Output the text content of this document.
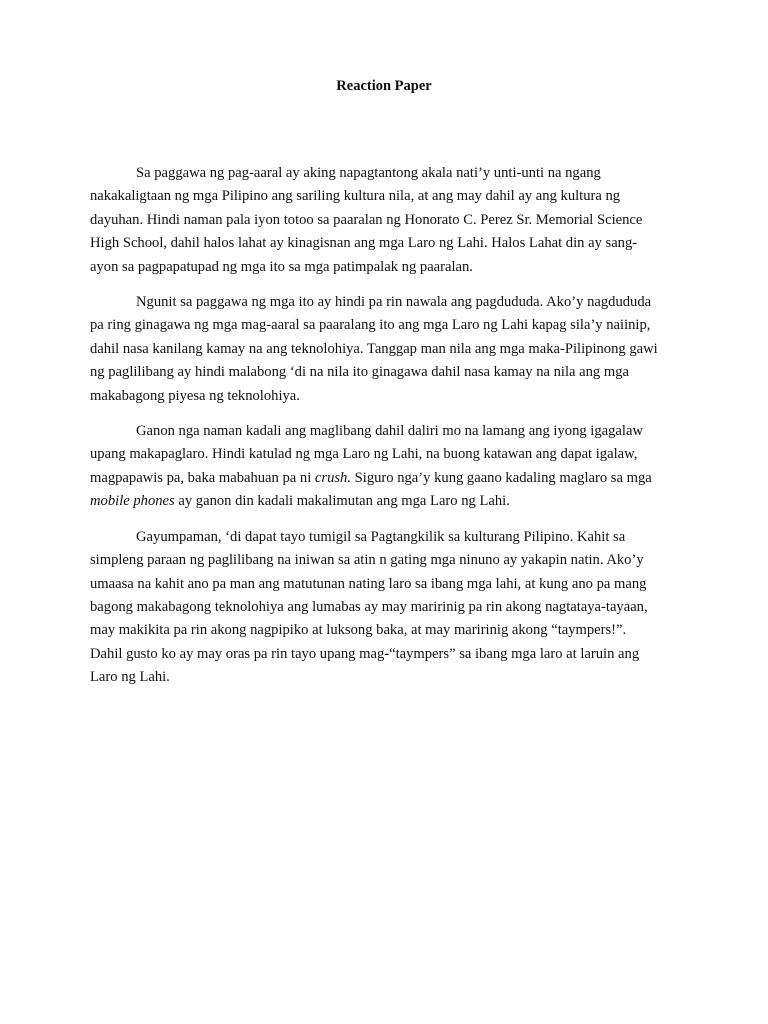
Reaction Paper

Sa paggawa ng pag-aaral ay aking napagtantong akala nati’y unti-unti na ngang
nakakaligtaan ng mga Pilipino ang sariling kultura nila, at ang may dahil ay ang kultura ng
dayuhan. Hindi naman pala iyon totoo sa paaralan ng Honorato C. Perez Sr. Memorial Science
High School, dahil halos lahat ay kinagisnan ang mga Laro ng Lahi. Halos Lahat din ay sang-
ayon sa pagpapatupad ng mga ito sa mga patimpalak ng paaralan.

Ngunit sa paggawa ng mga ito ay hindi pa rin nawala ang pagdududa. Ako’y nagdududa
pa ring ginagawa ng mga mag-aaral sa paaralang ito ang mga Laro ng Lahi kapag sila’y naiinip,
dahil nasa kanilang kamay na ang teknolohiya. Tanggap man nila ang mga maka-Pilipinong gawi
ng paglilibang ay hindi malabong ‘di na nila ito ginagawa dahil nasa kamay na nila ang mga
makabagong piyesa ng teknolohiya.

Ganon nga naman kadali ang maglibang dahil daliri mo na lamang ang iyong igagalaw
upang makapaglaro. Hindi katulad ng mga Laro ng Lahi, na buong katawan ang dapat igalaw,
magpapawis pa, baka mabahuan pa ni crush. Siguro nga’y kung gaano kadaling maglaro sa mga
mobile phones ay ganon din kadali makalimutan ang mga Laro ng Lahi.

Gayumpaman, ‘di dapat tayo tumigil sa Pagtangkilik sa kulturang Pilipino. Kahit sa
simpleng paraan ng paglilibang na iniwan sa atin n gating mga ninuno ay yakapin natin. Ako’y
umaasa na kahit ano pa man ang matutunan nating laro sa ibang mga lahi, at kung ano pa mang
bagong makabagong teknolohiya ang lumabas ay may maririnig pa rin akong nagtataya-tayaan,
may makikita pa rin akong nagpipiko at luksong baka, at may maririnig akong “taympers!”.
Dahil gusto ko ay may oras pa rin tayo upang mag-“taympers” sa ibang mga laro at laruin ang
Laro ng Lahi.
